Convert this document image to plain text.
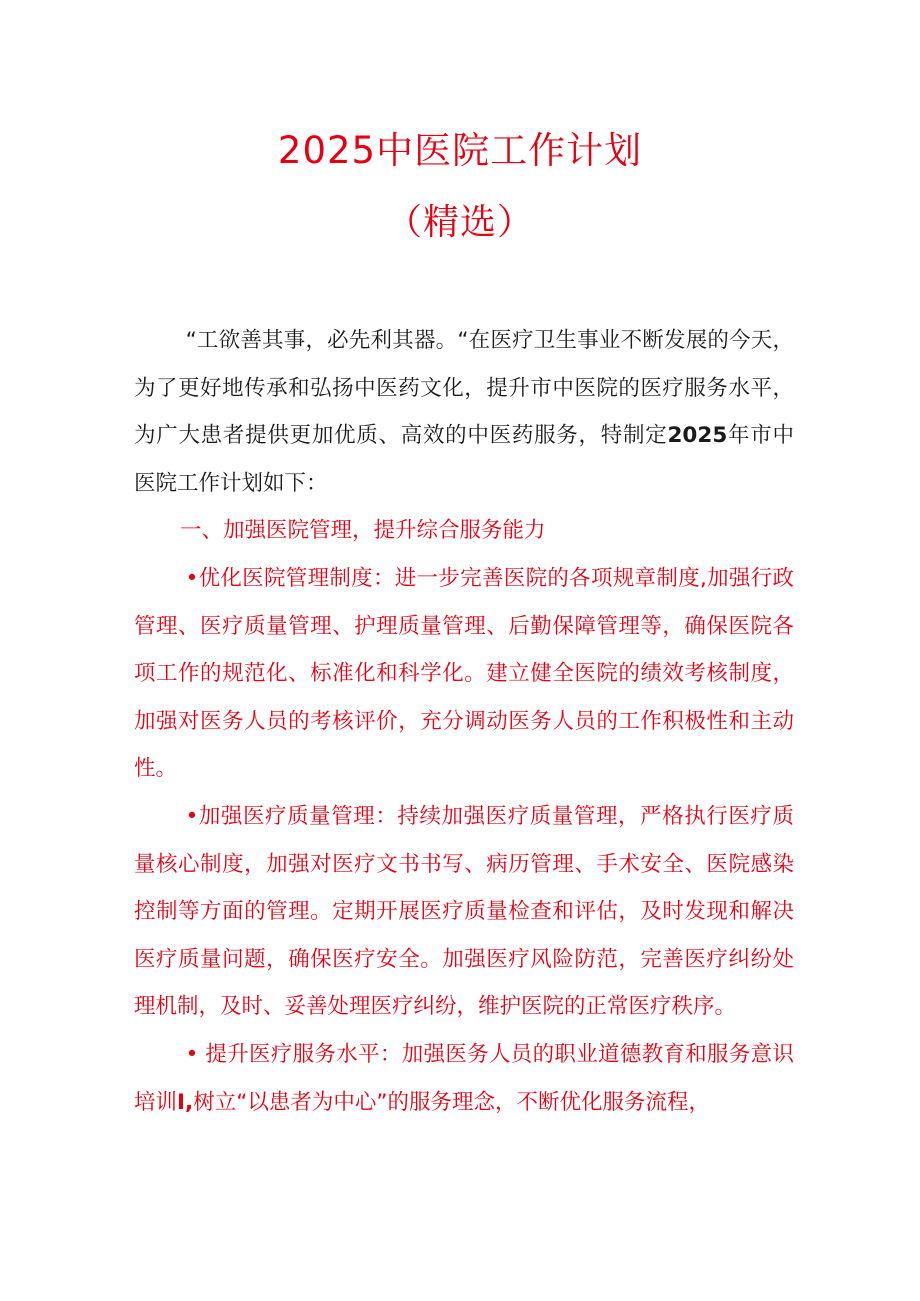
2025中医院工作计划
（精选）

“工欲善其事，必先利其器。“在医疗卫生事业不断发展的今天，为了更好地传承和弘扬中医药文化，提升市中医院的医疗服务水平，为广大患者提供更加优质、高效的中医药服务，特制定2025年市中医院工作计划如下：

一、加强医院管理，提升综合服务能力

•优化医院管理制度：进一步完善医院的各项规章制度,加强行政管理、医疗质量管理、护理质量管理、后勤保障管理等，确保医院各项工作的规范化、标准化和科学化。建立健全医院的绩效考核制度，加强对医务人员的考核评价，充分调动医务人员的工作积极性和主动性。

•加强医疗质量管理：持续加强医疗质量管理，严格执行医疗质量核心制度，加强对医疗文书书写、病历管理、手术安全、医院感染控制等方面的管理。定期开展医疗质量检查和评估，及时发现和解决医疗质量问题，确保医疗安全。加强医疗风险防范，完善医疗纠纷处理机制，及时、妥善处理医疗纠纷，维护医院的正常医疗秩序。

• 提升医疗服务水平：加强医务人员的职业道德教育和服务意识培训I,树立“以患者为中心”的服务理念，不断优化服务流程，
